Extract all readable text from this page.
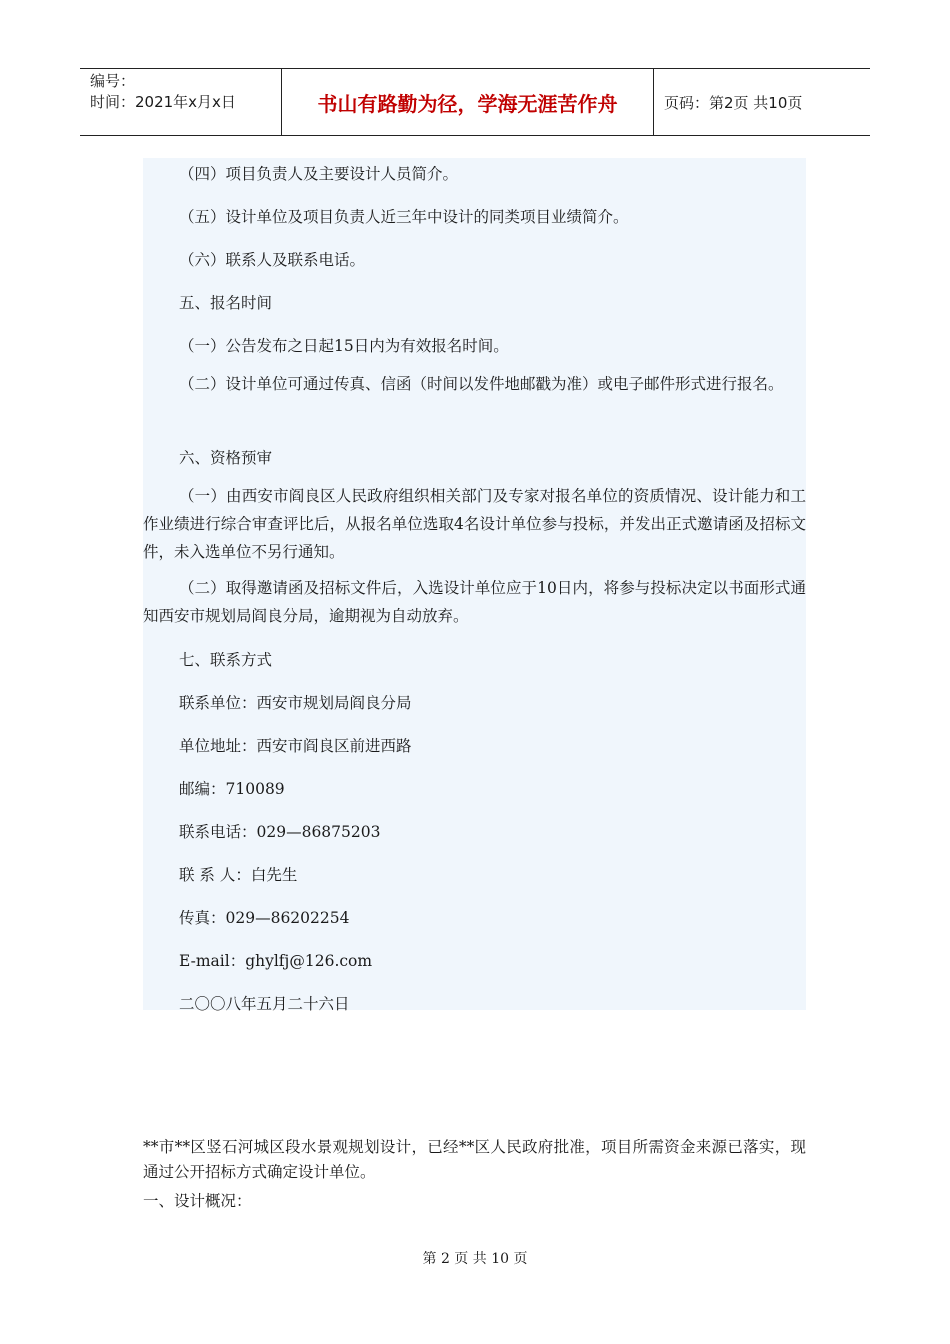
编号：
时间：2021年x月x日	书山有路勤为径，学海无涯苦作舟	页码：第2页 共10页
（四）项目负责人及主要设计人员简介。
（五）设计单位及项目负责人近三年中设计的同类项目业绩简介。
（六）联系人及联系电话。
五、报名时间
（一）公告发布之日起15日内为有效报名时间。
（二）设计单位可通过传真、信函（时间以发件地邮戳为准）或电子邮件形式进行报名。
六、资格预审
（一）由西安市阎良区人民政府组织相关部门及专家对报名单位的资质情况、设计能力和工作业绩进行综合审查评比后，从报名单位选取4名设计单位参与投标，并发出正式邀请函及招标文件，未入选单位不另行通知。
（二）取得邀请函及招标文件后，入选设计单位应于10日内，将参与投标决定以书面形式通知西安市规划局阎良分局，逾期视为自动放弃。
七、联系方式
联系单位：西安市规划局阎良分局
单位地址：西安市阎良区前进西路
邮编：710089
联系电话：029—86875203
联 系 人：白先生
传真：029—86202254
E-mail：ghylfj@126.com
二〇〇八年五月二十六日
**市**区竖石河城区段水景观规划设计，已经**区人民政府批准，项目所需资金来源已落实，现通过公开招标方式确定设计单位。
一、设计概况：
第 2 页 共 10 页
